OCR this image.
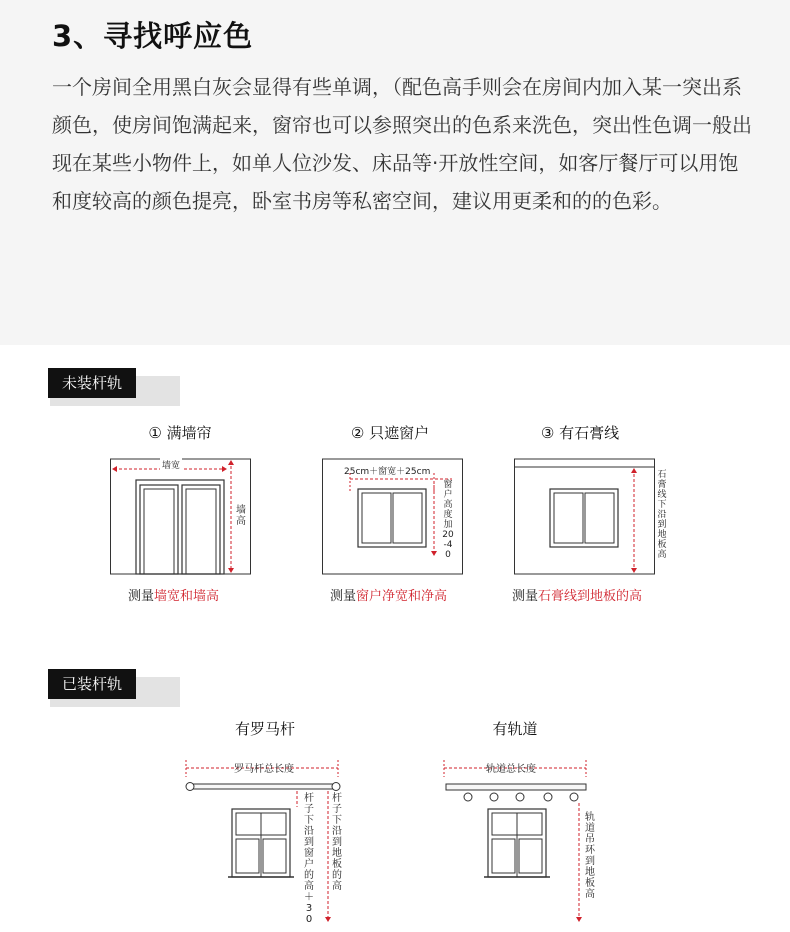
3、寻找呼应色
一个房间全用黑白灰会显得有些单调，（配色高手则会在房间内加入某一突出系颜色，使房间饱满起来，窗帘也可以参照突出的色系来洗色，突出性色调一般出现在某些小物件上，如单人位沙发、床品等·开放性空间，如客厅餐厅可以用饱和度较高的颜色提亮，卧室书房等私密空间，建议用更柔和的的色彩。
未装杆轨
① 满墙帘	② 只遮窗户	③ 有石膏线
墙宽
墙高
测量墙宽和墙高
25cm＋窗宽＋25cm
窗户高度加20-40
测量窗户净宽和净高
石膏线下沿到地板高
测量石膏线到地板的高
已装杆轨
有罗马杆	有轨道
罗马杆总长度
杆子下沿到窗户的高＋30
杆子下沿到地板的高
轨道总长度
轨道吊环到地板高
